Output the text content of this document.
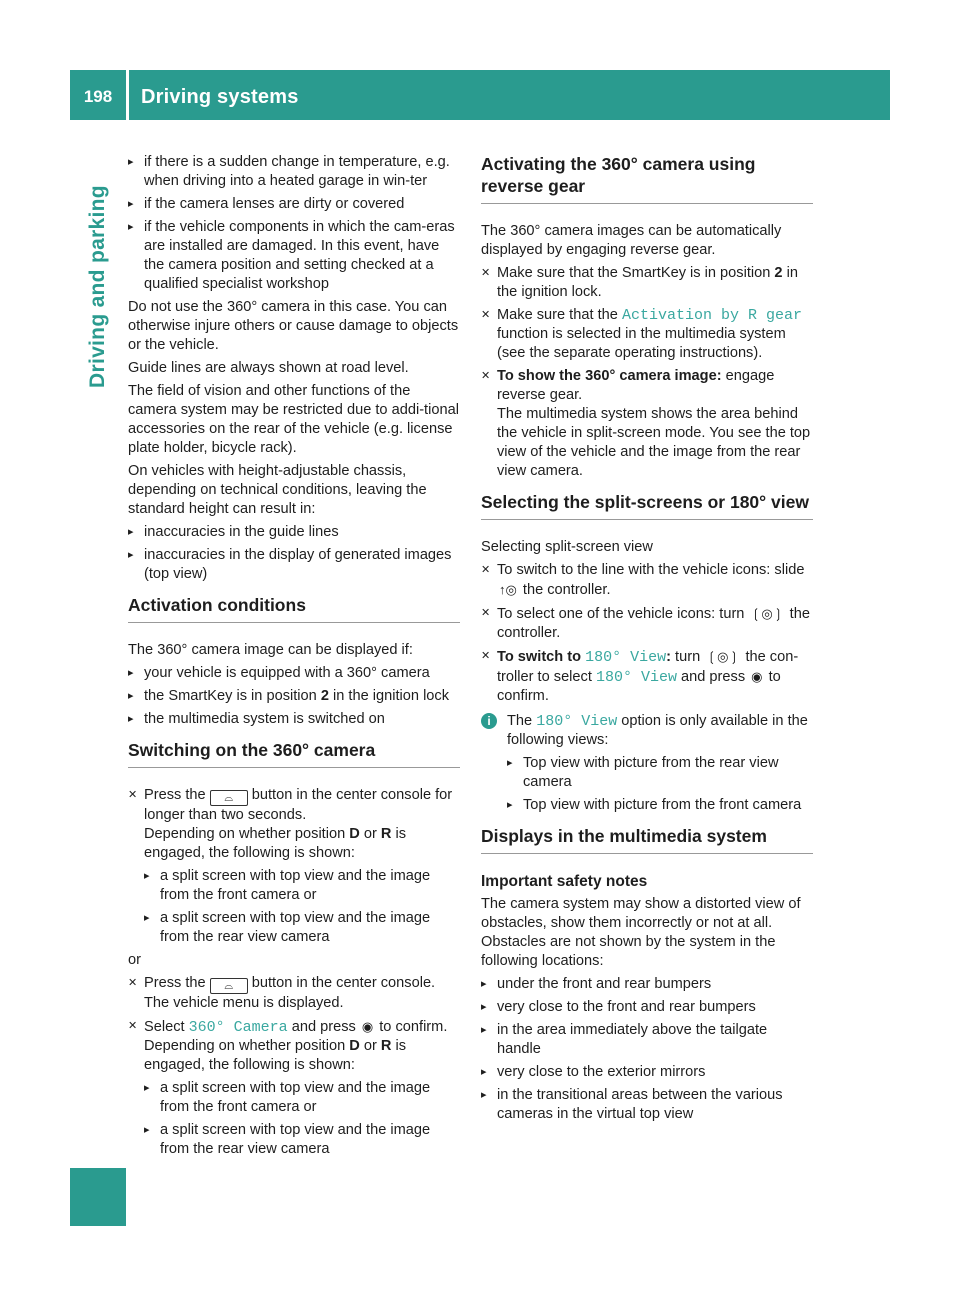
198	Driving systems
Driving and parking
▸ if there is a sudden change in temperature, e.g. when driving into a heated garage in win-ter
▸ if the camera lenses are dirty or covered
▸ if the vehicle components in which the cam-eras are installed are damaged. In this event, have the camera position and setting checked at a qualified specialist workshop

Do not use the 360° camera in this case. You can otherwise injure others or cause damage to objects or the vehicle.

Guide lines are always shown at road level.

The field of vision and other functions of the camera system may be restricted due to addi-tional accessories on the rear of the vehicle (e.g. license plate holder, bicycle rack).

On vehicles with height-adjustable chassis, depending on technical conditions, leaving the standard height can result in:

▸ inaccuracies in the guide lines
▸ inaccuracies in the display of generated images (top view)
Activation conditions

The 360° camera image can be displayed if:

▸ your vehicle is equipped with a 360° camera
▸ the SmartKey is in position 2 in the ignition lock
▸ the multimedia system is switched on
Switching on the 360° camera
✕ Press the ⌓ button in the center console for longer than two seconds.
Depending on whether position D or R is engaged, the following is shown:
▸ a split screen with top view and the image from the front camera or
▸ a split screen with top view and the image from the rear view camera

or

✕ Press the ⌓ button in the center console. The vehicle menu is displayed.
✕ Select 360° Camera and press ◉ to confirm.
Depending on whether position D or R is engaged, the following is shown:
▸ a split screen with top view and the image from the front camera or
▸ a split screen with top view and the image from the rear view camera
Activating the 360° camera using reverse gear

The 360° camera images can be automatically displayed by engaging reverse gear.

✕ Make sure that the SmartKey is in position 2 in the ignition lock.
✕ Make sure that the Activation by R gear function is selected in the multimedia system (see the separate operating instructions).
✕ To show the 360° camera image: engage reverse gear.
The multimedia system shows the area behind the vehicle in split-screen mode. You see the top view of the vehicle and the image from the rear view camera.
Selecting the split-screens or 180° view

Selecting split-screen view

✕ To switch to the line with the vehicle icons: slide ↑◎ the controller.
✕ To select one of the vehicle icons: turn ❲◎❳ the controller.
✕ To switch to 180° View: turn ❲◎❳ the con-troller to select 180° View and press ◉ to confirm.
i	The 180° View option is only available in the following views:
▸ Top view with picture from the rear view camera
▸ Top view with picture from the front camera
Displays in the multimedia system
Important safety notes

The camera system may show a distorted view of obstacles, show them incorrectly or not at all. Obstacles are not shown by the system in the following locations:

▸ under the front and rear bumpers
▸ very close to the front and rear bumpers
▸ in the area immediately above the tailgate handle
▸ very close to the exterior mirrors
▸ in the transitional areas between the various cameras in the virtual top view
